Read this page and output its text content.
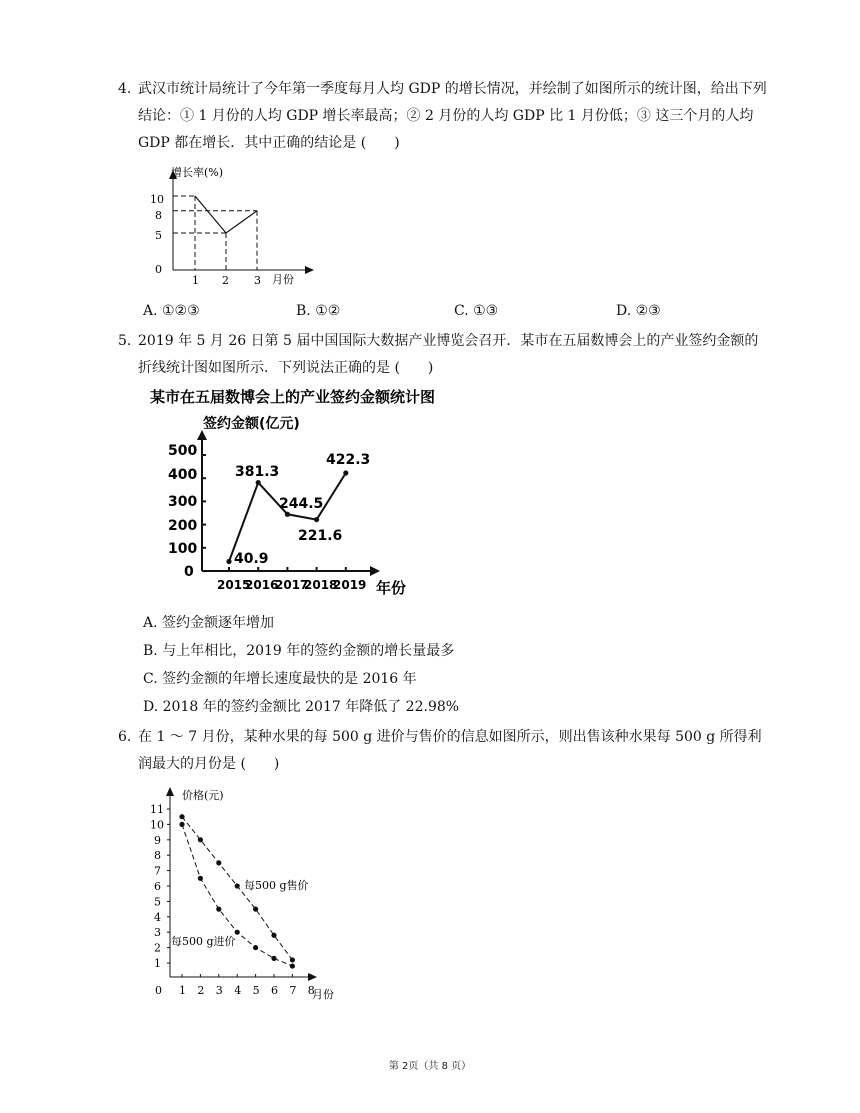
4. 武汉市统计局统计了今年第一季度每月人均 GDP 的增长情况，并绘制了如图所示的统计图，给出下列结论：① 1 月份的人均 GDP 增长率最高；② 2 月份的人均 GDP 比 1 月份低；③ 这三个月的人均 GDP 都在增长．其中正确的结论是 (　　)
增长率(%)
月份
0
10
8
5
1 2 3
A. ①②③	B. ①②	C. ①③	D. ②③
5. 2019 年 5 月 26 日第 5 届中国国际大数据产业博览会召开．某市在五届数博会上的产业签约金额的折线统计图如图所示．下列说法正确的是 (　　)
某市在五届数博会上的产业签约金额统计图
签约金额(亿元)
500
400
300
200
100
0
2015
2016
2017
2018
2019 年份
40.9
381.3
244.5
221.6
422.3
A. 签约金额逐年增加
B. 与上年相比，2019 年的签约金额的增长量最多
C. 签约金额的年增长速度最快的是 2016 年
D. 2018 年的签约金额比 2017 年降低了 22.98%
6. 在 1 ～ 7 月份，某种水果的每 500 g 进价与售价的信息如图所示，则出售该种水果每 500 g 所得利润最大的月份是 (　　)
11
10
9
8
7
6
5
4
3
2
1
1 2 3 4 5 6 7 8
价格(元)
月份
0
每500 g售价
每500 g进价
第 2页（共 8 页）
